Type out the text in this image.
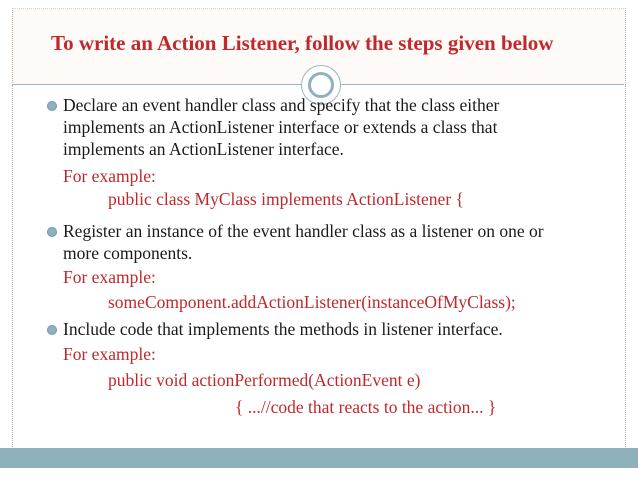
To write an Action Listener, follow the steps given below
Declare an event handler class and specify that the class either
implements an ActionListener interface or extends a class that
implements an ActionListener interface.
For example:
public class MyClass implements ActionListener {
Register an instance of the event handler class as a listener on one or
more components.
For example:
someComponent.addActionListener(instanceOfMyClass);
Include code that implements the methods in listener interface.
For example:
public void actionPerformed(ActionEvent e)
{ ...//code that reacts to the action... }
